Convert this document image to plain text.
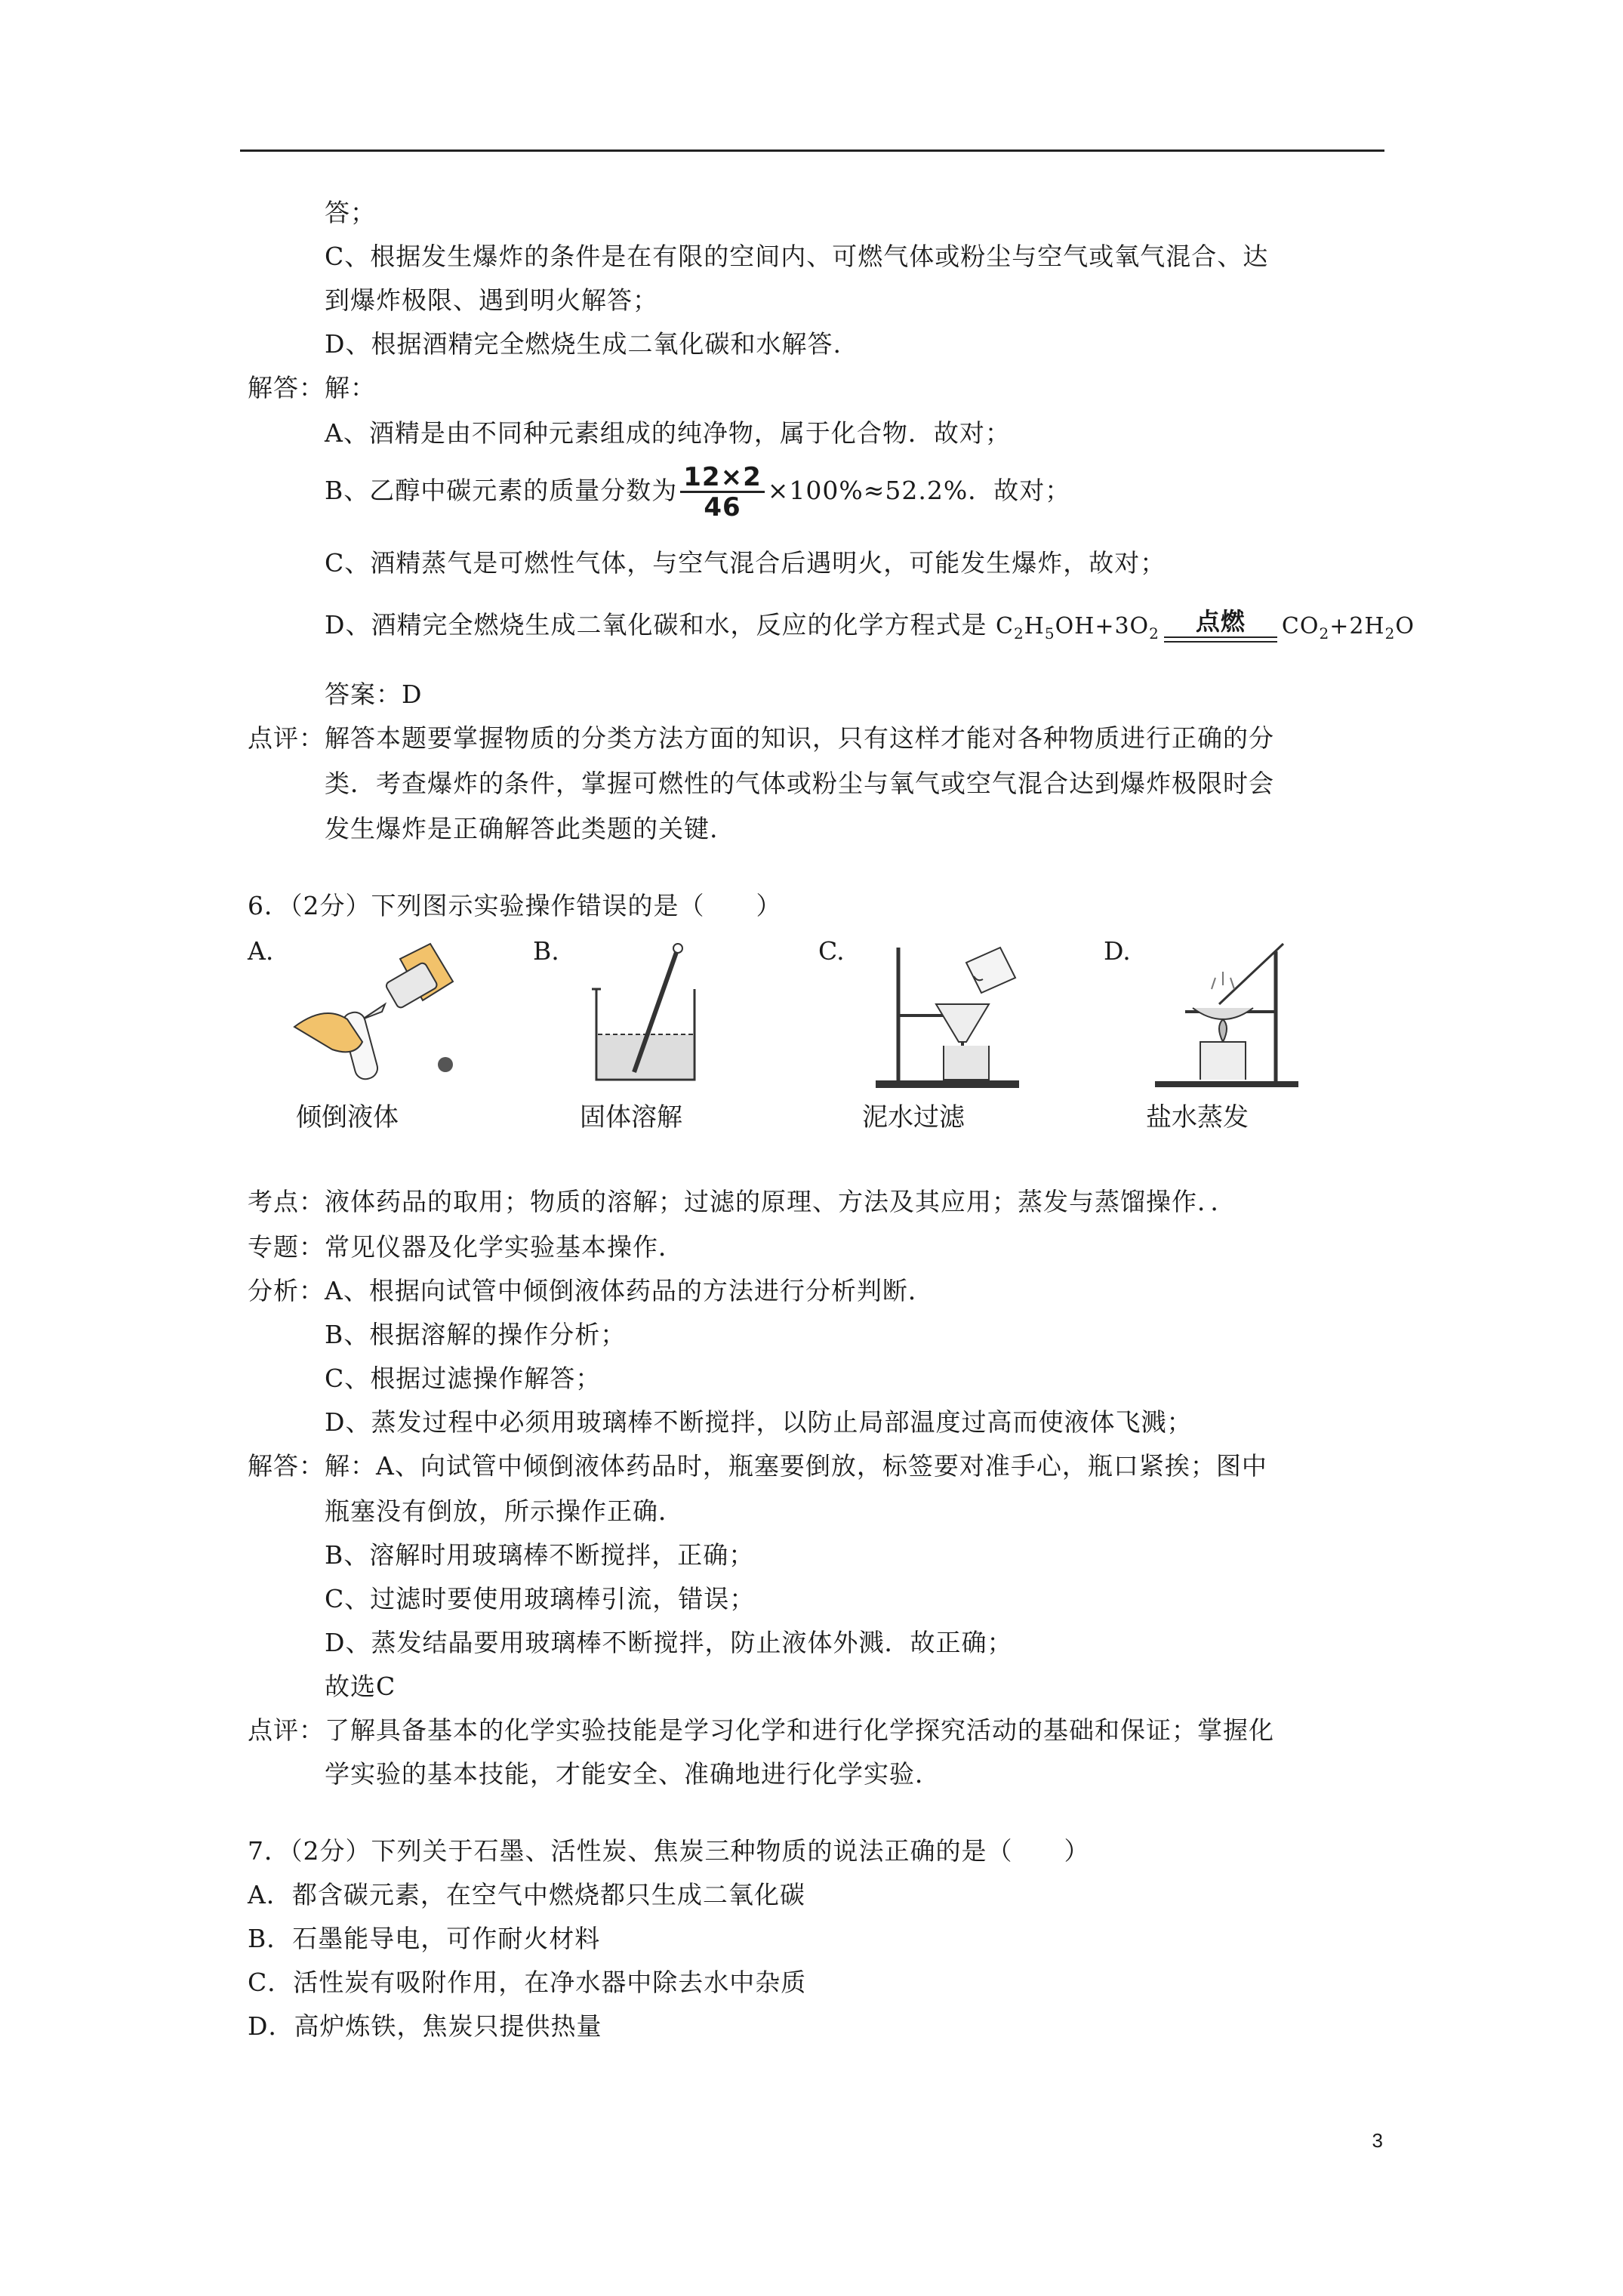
答；
C、根据发生爆炸的条件是在有限的空间内、可燃气体或粉尘与空气或氧气混合、达
到爆炸极限、遇到明火解答；
D、根据酒精完全燃烧生成二氧化碳和水解答.
解答：解：
A、酒精是由不同种元素组成的纯净物，属于化合物．故对；
B、乙醇中碳元素的质量分数为 $\frac{12\times 2}{46} \times 100\%\approx 52.2\%$．故对；
C、酒精蒸气是可燃性气体，与空气混合后遇明火，可能发生爆炸，故对；
D、酒精完全燃烧生成二氧化碳和水，反应的化学方程式是 $C_2H_5OH+3O_2$	点燃	$CO_2+2H_2O$
答案：D
点评： 解答本题要掌握物质的分类方法方面的知识，只有这样才能对各种物质进行正确的分
类．考查爆炸的条件，掌握可燃性的气体或粉尘与氧气或空气混合达到爆炸极限时会
发生爆炸是正确解答此类题的关键.
6．（2分）下列图示实验操作错误的是（　　）
A.	B.	C.	D.
倾倒液体	固体溶解	泥水过滤	盐水蒸发
考点：液体药品的取用；物质的溶解；过滤的原理、方法及其应用；蒸发与蒸馏操作．．
专题：常见仪器及化学实验基本操作．
分析：A、根据向试管中倾倒液体药品的方法进行分析判断．
B、根据溶解的操作分析；
C、根据过滤操作解答；
D、蒸发过程中必须用玻璃棒不断搅拌，以防止局部温度过高而使液体飞溅；
解答：解：A、向试管中倾倒液体药品时，瓶塞要倒放，标签要对准手心，瓶口紧挨；图中
瓶塞没有倒放，所示操作正确．
B、溶解时用玻璃棒不断搅拌，正确；
C、过滤时要使用玻璃棒引流，错误；
D、蒸发结晶要用玻璃棒不断搅拌，防止液体外溅．故正确；
故选C
点评：了解具备基本的化学实验技能是学习化学和进行化学探究活动的基础和保证；掌握化
学实验的基本技能，才能安全、准确地进行化学实验．
7．（2分）下列关于石墨、活性炭、焦炭三种物质的说法正确的是（　　）
A．都含碳元素，在空气中燃烧都只生成二氧化碳
B．石墨能导电，可作耐火材料
C．活性炭有吸附作用，在净水器中除去水中杂质
D．高炉炼铁，焦炭只提供热量
3
